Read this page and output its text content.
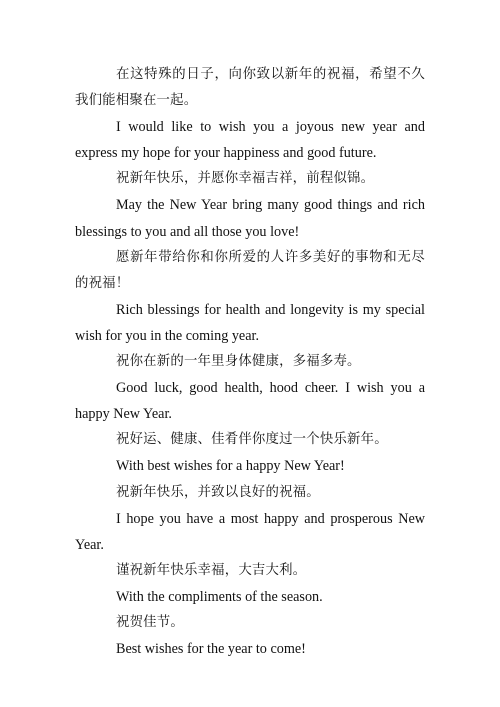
在这特殊的日子，向你致以新年的祝福，希望不久我们能相聚在一起。

I would like to wish you a joyous new year and express my hope for your happiness and good future.

祝新年快乐，并愿你幸福吉祥，前程似锦。

May the New Year bring many good things and rich blessings to you and all those you love!

愿新年带给你和你所爱的人许多美好的事物和无尽的祝福！

Rich blessings for health and longevity is my special wish for you in the coming year.

祝你在新的一年里身体健康，多福多寿。

Good luck, good health, hood cheer. I wish you a happy New Year.

祝好运、健康、佳肴伴你度过一个快乐新年。

With best wishes for a happy New Year!

祝新年快乐，并致以良好的祝福。

I hope you have a most happy and prosperous New Year.

谨祝新年快乐幸福，大吉大利。

With the compliments of the season.

祝贺佳节。

Best wishes for the year to come!
